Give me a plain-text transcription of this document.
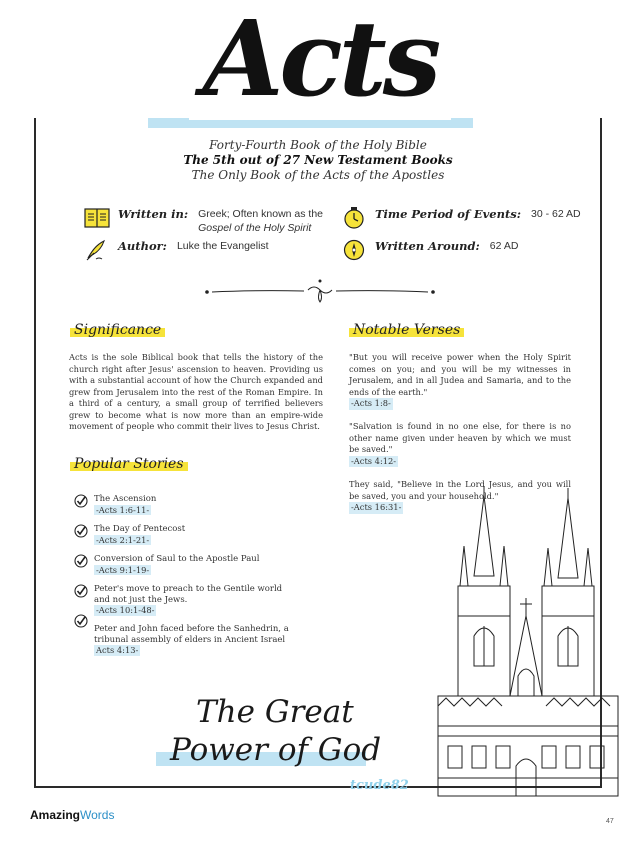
Acts
Forty-Fourth Book of the Holy Bible
The 5th out of 27 New Testament Books
The Only Book of the Acts of the Apostles
Written in: Greek; Often known as the
Gospel of the Holy Spirit
Author: Luke the Evangelist
Time Period of Events: 30 - 62 AD
Written Around: 62 AD
Significance
Acts is the sole Biblical book that tells the history of the church right after Jesus' ascension to heaven. Providing us with a substantial account of how the Church expanded and grew from Jerusalem into the rest of the Roman Empire. In a third of a century, a small group of terrified believers grew to become what is now more than an empire-wide movement of people who commit their lives to Jesus Christ.
Notable Verses
"But you will receive power when the Holy Spirit comes on you; and you will be my witnesses in Jerusalem, and in all Judea and Samaria, and to the ends of the earth."
-Acts 1:8-
"Salvation is found in no one else, for there is no other name given under heaven by which we must be saved."
-Acts 4:12-
They said, "Believe in the Lord Jesus, and you will be saved, you and your household."
-Acts 16:31-
Popular Stories
The Ascension
-Acts 1:6-11-
The Day of Pentecost
-Acts 2:1-21-
Conversion of Saul to the Apostle Paul
-Acts 9:1-19-
Peter's move to preach to the Gentile world and not just the Jews.
-Acts 10:1-48-
Peter and John faced before the Sanhedrin, a tribunal assembly of elders in Ancient Israel
Acts 4:13-
The Great
Power of God
tcude82
AmazingWords	47
